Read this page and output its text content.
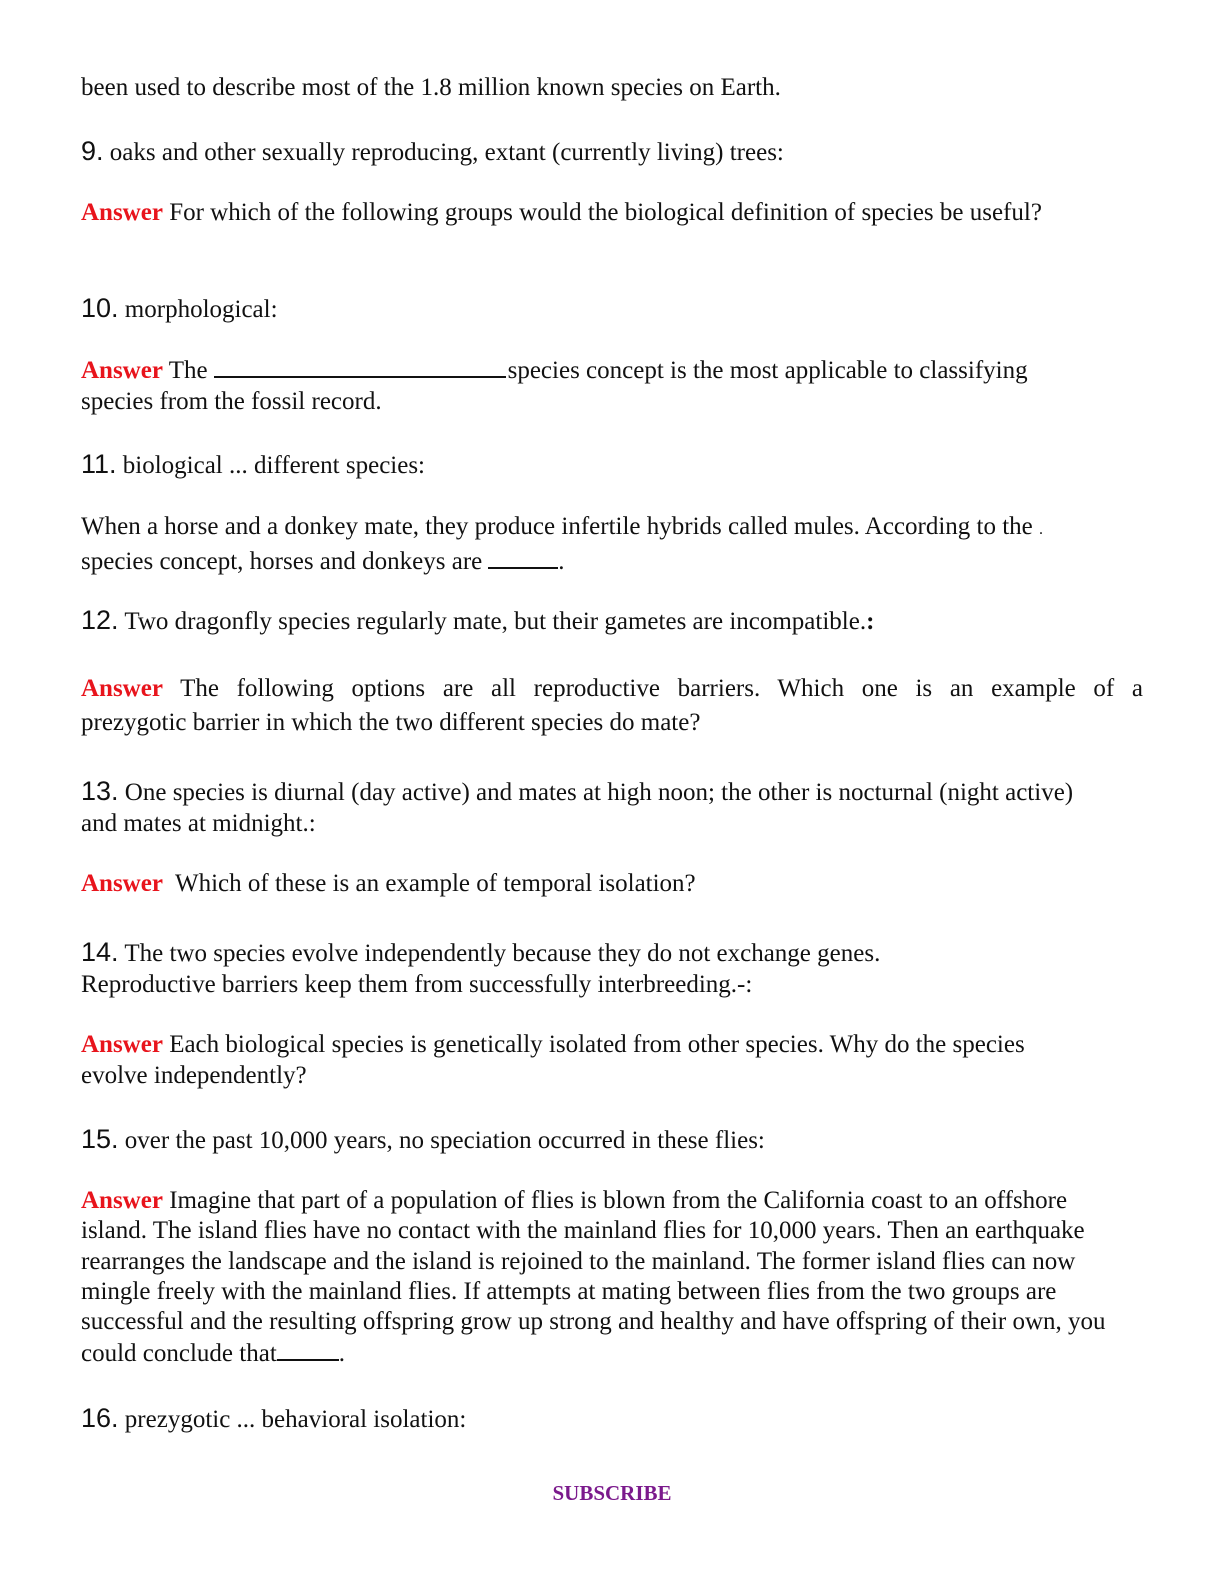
been used to describe most of the 1.8 million known species on Earth.

9. oaks and other sexually reproducing, extant (currently living) trees:

Answer For which of the following groups would the biological definition of species be useful?

10. morphological:

Answer The	species concept is the most applicable to classifying species from the fossil record.

11. biological ... different species:

When a horse and a donkey mate, they produce infertile hybrids called mules. According to the .

species concept, horses and donkeys are	.

12. Two dragonfly species regularly mate, but their gametes are incompatible.:

Answer The following options are all reproductive barriers. Which one is an example of a

prezygotic barrier in which the two different species do mate?

13. One species is diurnal (day active) and mates at high noon; the other is nocturnal (night active) and mates at midnight.:

Answer  Which of these is an example of temporal isolation?

14. The two species evolve independently because they do not exchange genes.

Reproductive barriers keep them from successfully interbreeding.-:

Answer Each biological species is genetically isolated from other species. Why do the species evolve independently?

15. over the past 10,000 years, no speciation occurred in these flies:

Answer Imagine that part of a population of flies is blown from the California coast to an offshore island. The island flies have no contact with the mainland flies for 10,000 years. Then an earthquake rearranges the landscape and the island is rejoined to the mainland. The former island flies can now mingle freely with the mainland flies. If attempts at mating between flies from the two groups are successful and the resulting offspring grow up strong and healthy and have offspring of their own, you could conclude that .

16. prezygotic ... behavioral isolation:

SUBSCRIBE
